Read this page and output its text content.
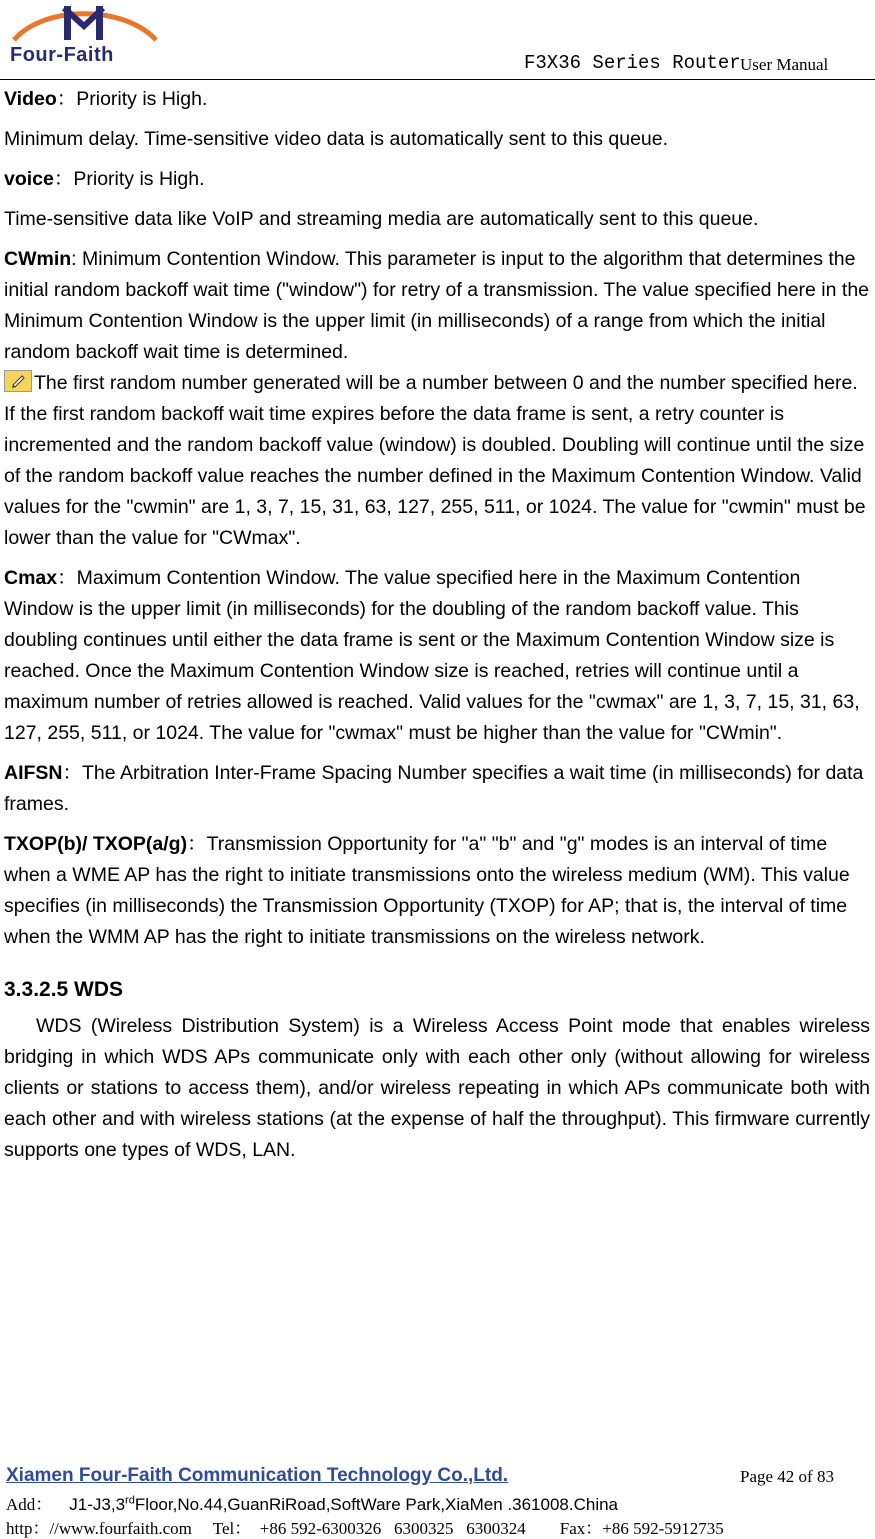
Four-Faith	F3X36 Series Router User Manual

Video：Priority is High.

Minimum delay. Time-sensitive video data is automatically sent to this queue.

voice：Priority is High.

Time-sensitive data like VoIP and streaming media are automatically sent to this queue.

CWmin: Minimum Contention Window. This parameter is input to the algorithm that determines the initial random backoff wait time ("window") for retry of a transmission. The value specified here in the Minimum Contention Window is the upper limit (in milliseconds) of a range from which the initial random backoff wait time is determined.

The first random number generated will be a number between 0 and the number specified here. If the first random backoff wait time expires before the data frame is sent, a retry counter is incremented and the random backoff value (window) is doubled. Doubling will continue until the size of the random backoff value reaches the number defined in the Maximum Contention Window. Valid values for the "cwmin" are 1, 3, 7, 15, 31, 63, 127, 255, 511, or 1024. The value for "cwmin" must be lower than the value for "CWmax".

Cmax：Maximum Contention Window. The value specified here in the Maximum Contention Window is the upper limit (in milliseconds) for the doubling of the random backoff value. This doubling continues until either the data frame is sent or the Maximum Contention Window size is reached. Once the Maximum Contention Window size is reached, retries will continue until a maximum number of retries allowed is reached. Valid values for the "cwmax" are 1, 3, 7, 15, 31, 63, 127, 255, 511, or 1024. The value for "cwmax" must be higher than the value for "CWmin".

AIFSN：The Arbitration Inter-Frame Spacing Number specifies a wait time (in milliseconds) for data frames.

TXOP(b)/ TXOP(a/g)：Transmission Opportunity for "a" "b" and "g" modes is an interval of time when a WME AP has the right to initiate transmissions onto the wireless medium (WM). This value specifies (in milliseconds) the Transmission Opportunity (TXOP) for AP; that is, the interval of time when the WMM AP has the right to initiate transmissions on the wireless network.

3.3.2.5 WDS

WDS (Wireless Distribution System) is a Wireless Access Point mode that enables wireless bridging in which WDS APs communicate only with each other only (without allowing for wireless clients or stations to access them), and/or wireless repeating in which APs communicate both with each other and with wireless stations (at the expense of half the throughput). This firmware currently supports one types of WDS, LAN.

Xiamen Four-Faith Communication Technology Co.,Ltd.	Page 42 of 83
Add： J1-J3,3rdFloor,No.44,GuanRiRoad,SoftWare Park,XiaMen .361008.China
http：//www.fourfaith.com     Tel：  +86 592-6300326   6300325   6300324        Fax：+86 592-5912735
